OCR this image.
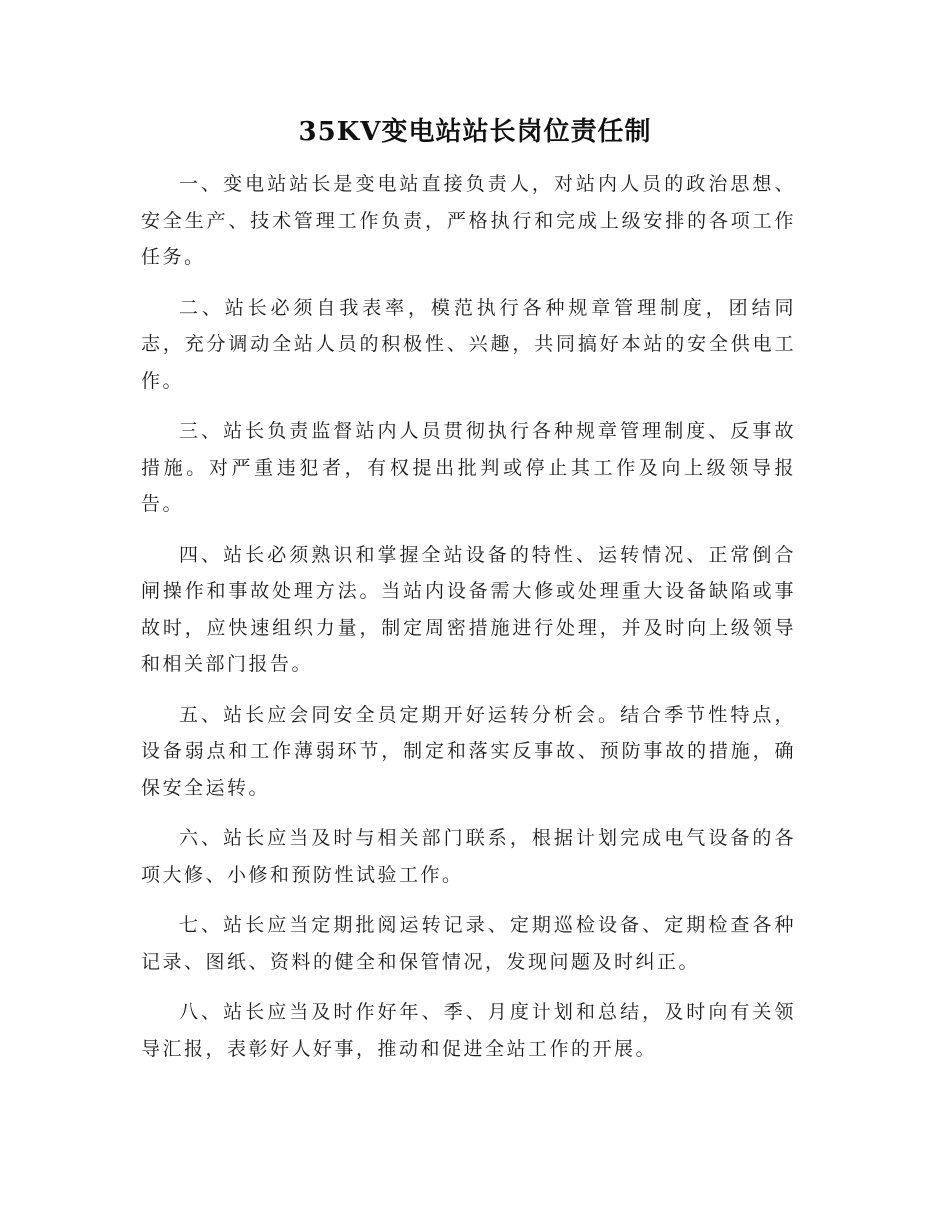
35KV变电站站长岗位责任制

一、变电站站长是变电站直接负责人，对站内人员的政治思想、安全生产、技术管理工作负责，严格执行和完成上级安排的各项工作任务。

二、站长必须自我表率，模范执行各种规章管理制度，团结同志，充分调动全站人员的积极性、兴趣，共同搞好本站的安全供电工作。

三、站长负责监督站内人员贯彻执行各种规章管理制度、反事故措施。对严重违犯者，有权提出批判或停止其工作及向上级领导报告。

四、站长必须熟识和掌握全站设备的特性、运转情况、正常倒合闸操作和事故处理方法。当站内设备需大修或处理重大设备缺陷或事故时，应快速组织力量，制定周密措施进行处理，并及时向上级领导和相关部门报告。

五、站长应会同安全员定期开好运转分析会。结合季节性特点，设备弱点和工作薄弱环节，制定和落实反事故、预防事故的措施，确保安全运转。

六、站长应当及时与相关部门联系，根据计划完成电气设备的各项大修、小修和预防性试验工作。

七、站长应当定期批阅运转记录、定期巡检设备、定期检查各种记录、图纸、资料的健全和保管情况，发现问题及时纠正。

八、站长应当及时作好年、季、月度计划和总结，及时向有关领导汇报，表彰好人好事，推动和促进全站工作的开展。
